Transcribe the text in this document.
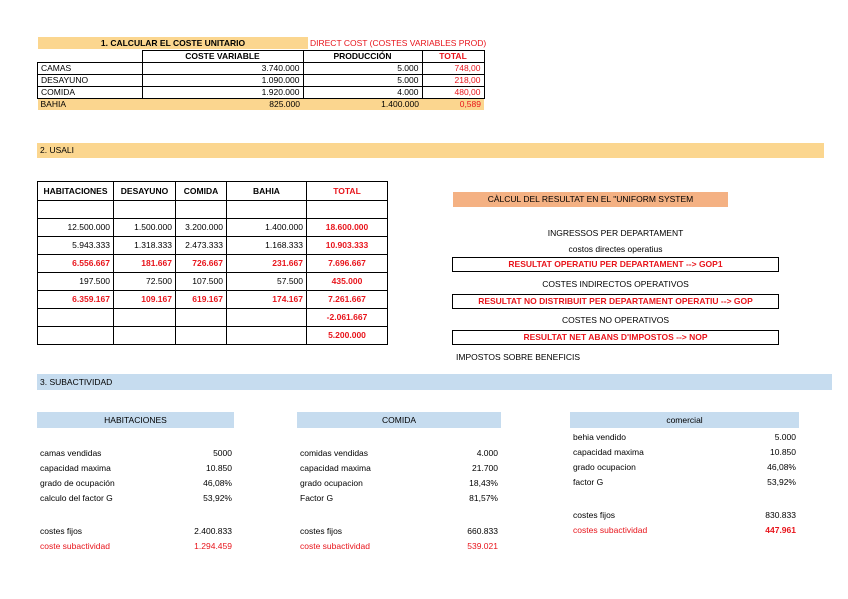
1. CALCULAR EL COSTE UNITARIO	DIRECT COST (COSTES VARIABLES PROD)
	COSTE VARIABLE	PRODUCCIÓN	TOTAL
CAMAS	3.740.000	5.000	748,00
DESAYUNO	1.090.000	5.000	218,00
COMIDA	1.920.000	4.000	480,00
BAHIA	825.000	1.400.000	0,589
2. USALI
HABITACIONES	DESAYUNO	COMIDA	BAHIA	TOTAL

12.500.000	1.500.000	3.200.000	1.400.000	18.600.000
5.943.333	1.318.333	2.473.333	1.168.333	10.903.333
6.556.667	181.667	726.667	231.667	7.696.667
197.500	72.500	107.500	57.500	435.000
6.359.167	109.167	619.167	174.167	7.261.667
				-2.061.667
				5.200.000
CÀLCUL DEL RESULTAT EN EL "UNIFORM SYSTEM
INGRESSOS PER DEPARTAMENT
costos directes operatius
RESULTAT OPERATIU PER DEPARTAMENT --> GOP1
COSTES INDIRECTOS OPERATIVOS
RESULTAT NO DISTRIBUIT PER DEPARTAMENT OPERATIU --> GOP
COSTES NO OPERATIVOS
RESULTAT NET ABANS D'IMPOSTOS --> NOP
IMPOSTOS SOBRE BENEFICIS
3. SUBACTIVIDAD
HABITACIONES
camas vendidas	5000
capacidad maxima	10.850
grado de ocupación	46,08%
calculo del factor G	53,92%
costes fijos	2.400.833
coste subactividad	1.294.459
COMIDA
comidas vendidas	4.000
capacidad maxima	21.700
grado ocupacion	18,43%
Factor G	81,57%
costes fijos	660.833
coste subactividad	539.021
comercial
behia vendido	5.000
capacidad maxima	10.850
grado ocupacion	46,08%
factor G	53,92%
costes fijos	830.833
costes subactividad	447.961
